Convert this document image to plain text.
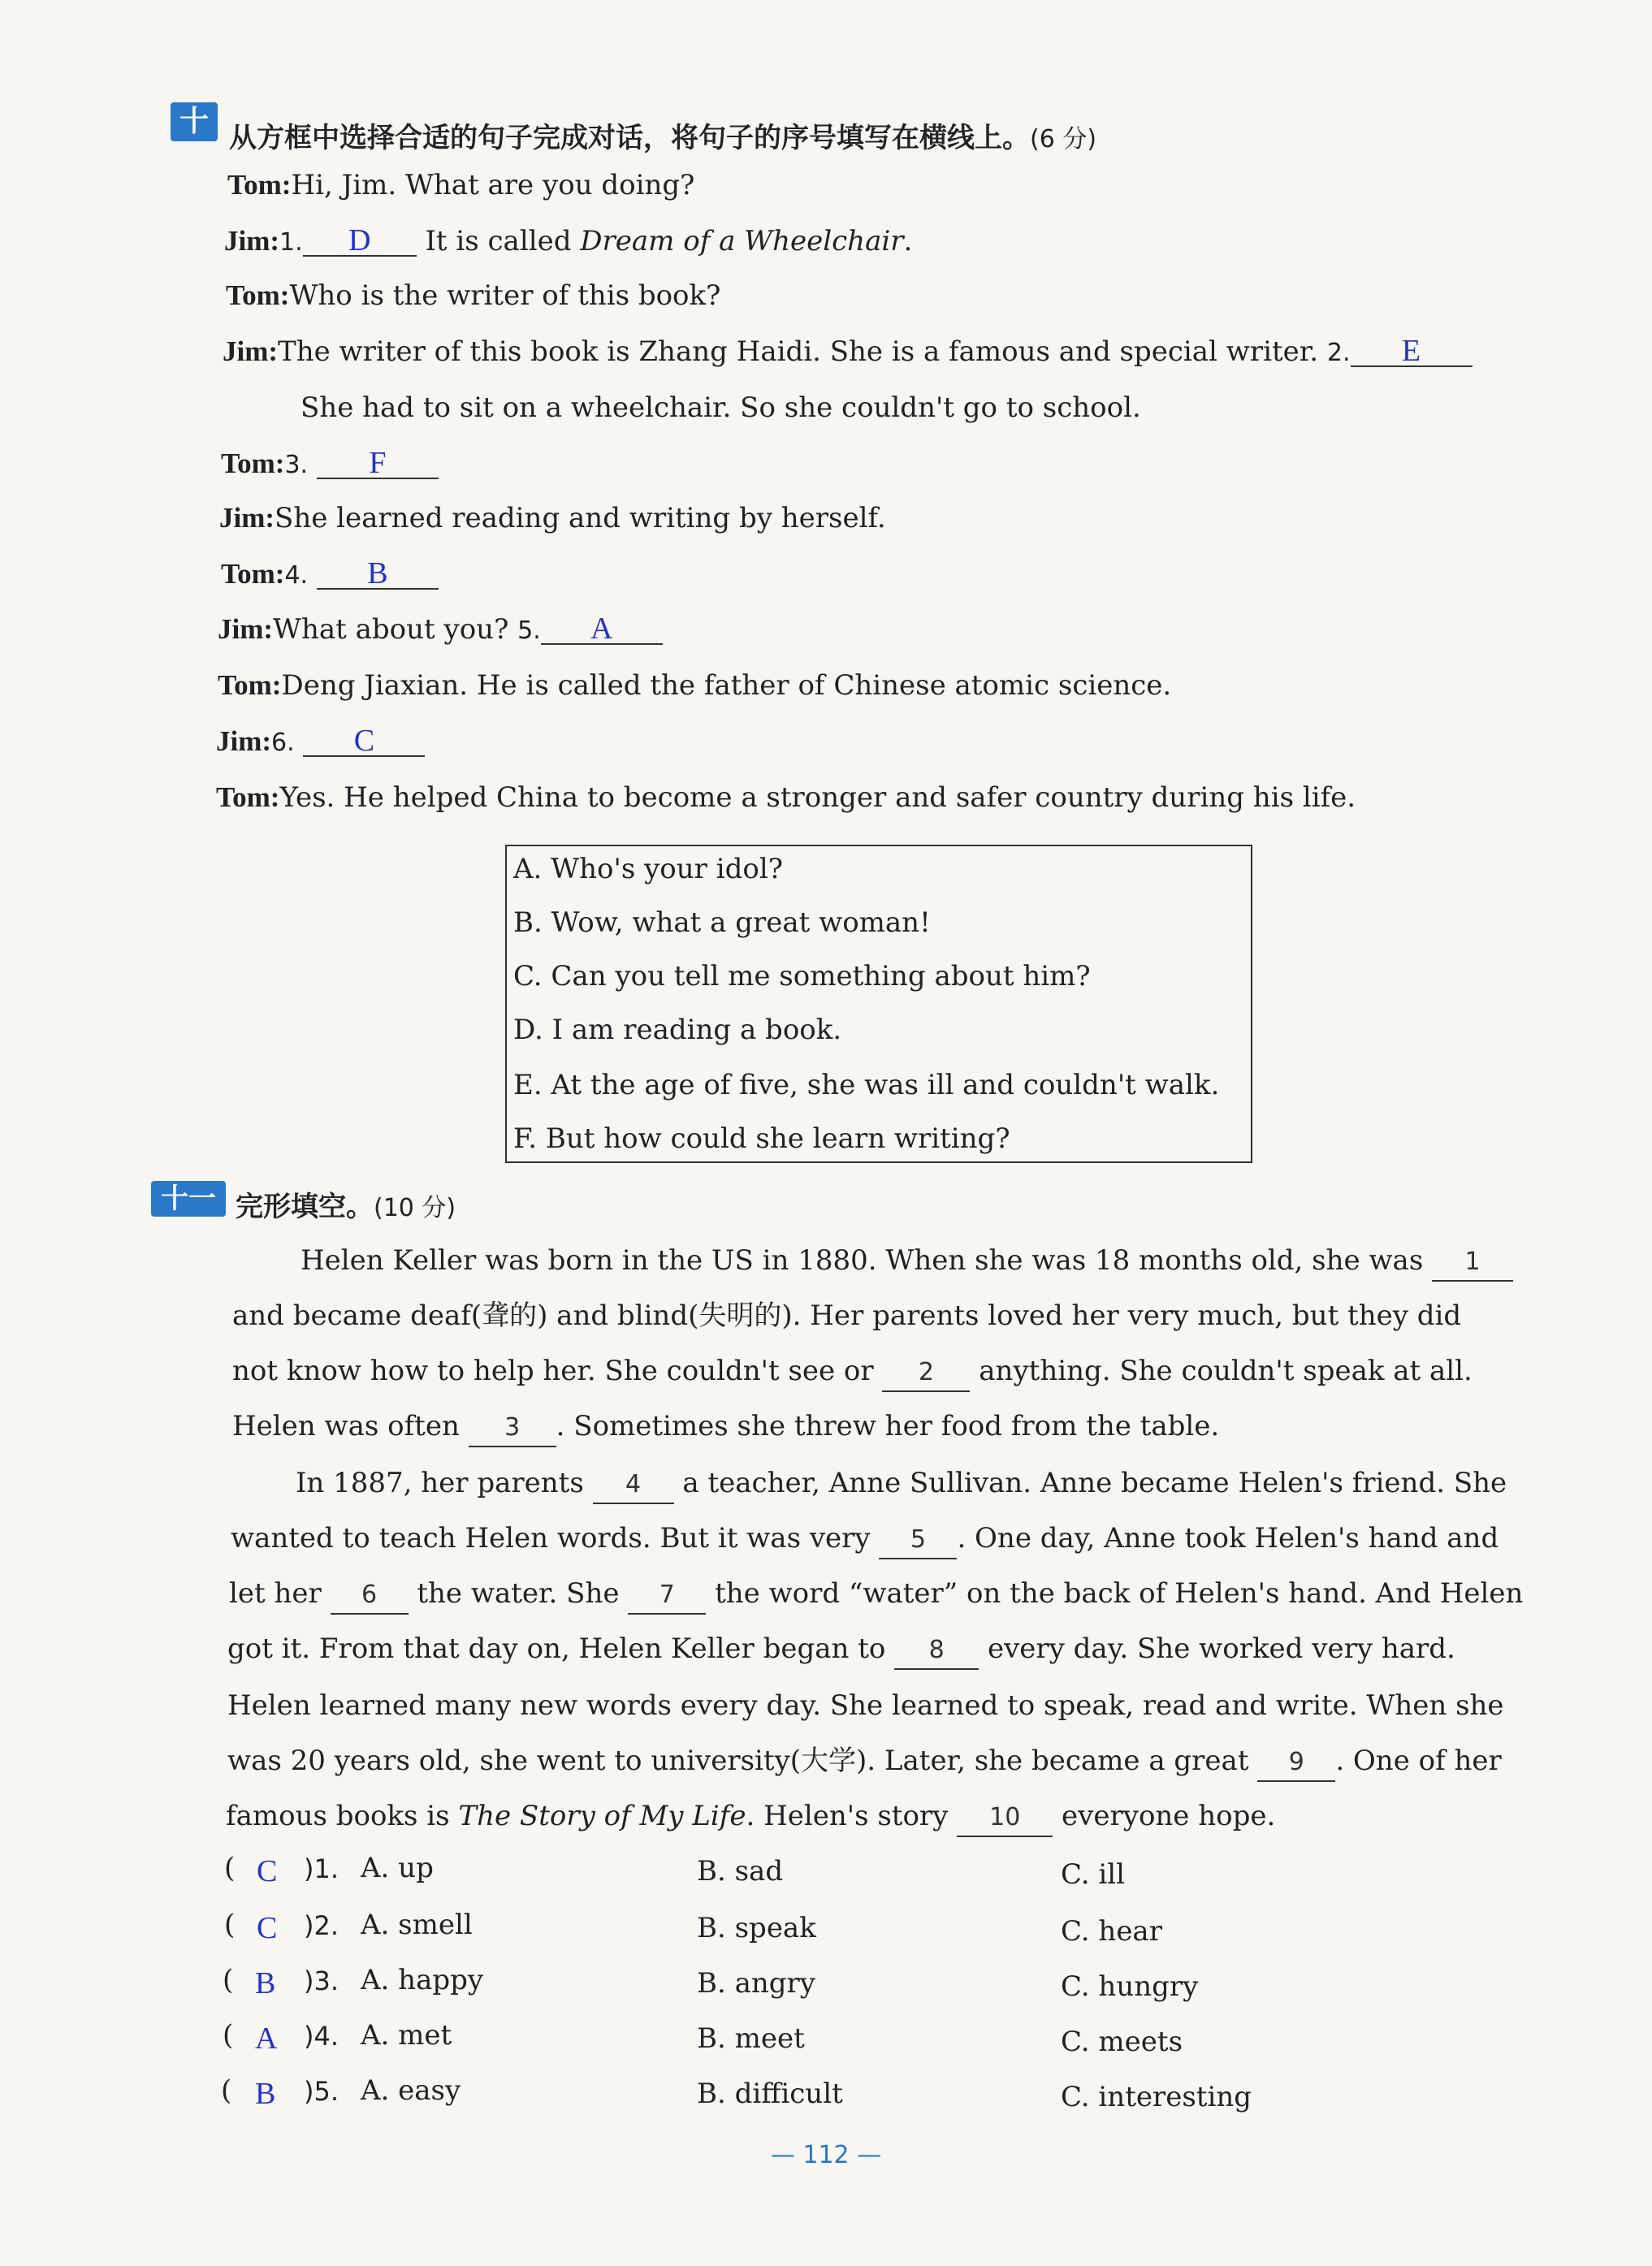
十 从方框中选择合适的句子完成对话，将句子的序号填写在横线上。(6 分)
Tom:Hi, Jim. What are you doing?
Jim:1. D It is called Dream of a Wheelchair.
Tom:Who is the writer of this book?
Jim:The writer of this book is Zhang Haidi. She is a famous and special writer. 2. E
She had to sit on a wheelchair. So she couldn't go to school.
Tom:3. F
Jim:She learned reading and writing by herself.
Tom:4. B
Jim:What about you? 5. A
Tom:Deng Jiaxian. He is called the father of Chinese atomic science.
Jim:6. C
Tom:Yes. He helped China to become a stronger and safer country during his life.
A. Who's your idol?
B. Wow, what a great woman!
C. Can you tell me something about him?
D. I am reading a book.
E. At the age of five, she was ill and couldn't walk.
F. But how could she learn writing?
十一 完形填空。(10 分)
Helen Keller was born in the US in 1880. When she was 18 months old, she was 1
and became deaf(聋的) and blind(失明的). Her parents loved her very much, but they did
not know how to help her. She couldn't see or 2 anything. She couldn't speak at all.
Helen was often 3 . Sometimes she threw her food from the table.
In 1887, her parents 4 a teacher, Anne Sullivan. Anne became Helen's friend. She
wanted to teach Helen words. But it was very 5 . One day, Anne took Helen's hand and
let her 6 the water. She 7 the word “water” on the back of Helen's hand. And Helen
got it. From that day on, Helen Keller began to 8 every day. She worked very hard.
Helen learned many new words every day. She learned to speak, read and write. When she
was 20 years old, she went to university(大学). Later, she became a great 9 . One of her
famous books is The Story of My Life. Helen's story 10 everyone hope.
( C )1. A. up	B. sad	C. ill
( C )2. A. smell	B. speak	C. hear
( B )3. A. happy	B. angry	C. hungry
( A )4. A. met	B. meet	C. meets
( B )5. A. easy	B. difficult	C. interesting
— 112 —
